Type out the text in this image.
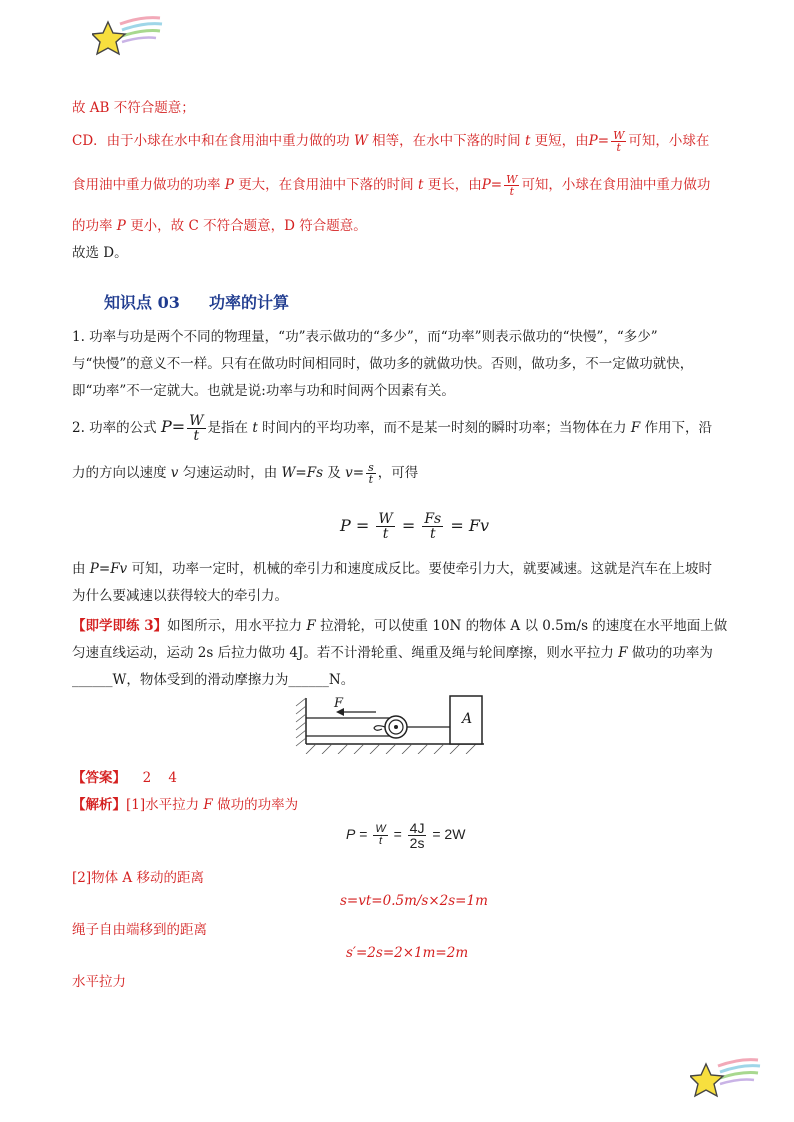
故 AB 不符合题意；
CD．由于小球在水中和在食用油中重力做的功 W 相等，在水中下落的时间 t 更短，由$P= \frac{W}{t}$ 可知，小球在
食用油中重力做功的功率 P 更大，在食用油中下落的时间 t 更长，由$P= \frac{W}{t}$ 可知，小球在食用油中重力做功
的功率 P 更小，故 C 不符合题意，D 符合题意。
故选 D。
知识点 03 功率的计算
1. 功率与功是两个不同的物理量，“功”表示做功的“多少”，而“功率”则表示做功的“快慢”，“多少”
与“快慢”的意义不一样。只有在做功时间相同时，做功多的就做功快。否则，做功多，不一定做功就快，
即“功率”不一定就大。也就是说:功率与功和时间两个因素有关。
2. 功率的公式 $P= \frac{W}{t}$ 是指在 t 时间内的平均功率，而不是某一时刻的瞬时功率；当物体在力 F 作用下，沿
力的方向以速度 v 匀速运动时，由 W=Fs 及 $v= \frac{s}{t}$ ，可得
$P = \frac{W}{t} = \frac{Fs}{t} = Fv$
由 P=Fv 可知，功率一定时，机械的牵引力和速度成反比。要使牵引力大，就要减速。这就是汽车在上坡时
为什么要减速以获得较大的牵引力。
【即学即练 3】如图所示，用水平拉力 F 拉滑轮，可以使重 10N 的物体 A 以 0.5m/s 的速度在水平地面上做
匀速直线运动，运动 2s 后拉力做功 4J。若不计滑轮重、绳重及绳与轮间摩擦，则水平拉力 F 做功的功率为
______W，物体受到的滑动摩擦力为______N。
F
A
【答案】 2    4
【解析】[1]水平拉力 F 做功的功率为
$P = \frac{W}{t} = \frac{4J}{2s} = 2W$
[2]物体 A 移动的距离
s=vt=0.5m/s×2s=1m
绳子自由端移到的距离
s′=2s=2×1m=2m
水平拉力
